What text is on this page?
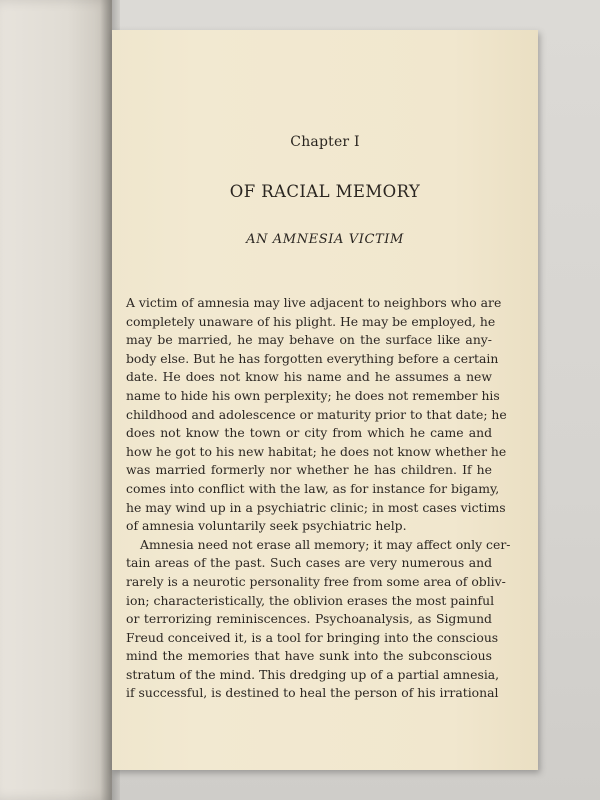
Chapter I
OF RACIAL MEMORY
AN AMNESIA VICTIM
A victim of amnesia may live adjacent to neighbors who are
completely unaware of his plight. He may be employed, he
may be married, he may behave on the surface like any-
body else. But he has forgotten everything before a certain
date. He does not know his name and he assumes a new
name to hide his own perplexity; he does not remember his
childhood and adolescence or maturity prior to that date; he
does not know the town or city from which he came and
how he got to his new habitat; he does not know whether he
was married formerly nor whether he has children. If he
comes into conflict with the law, as for instance for bigamy,
he may wind up in a psychiatric clinic; in most cases victims
of amnesia voluntarily seek psychiatric help.
Amnesia need not erase all memory; it may affect only cer-
tain areas of the past. Such cases are very numerous and
rarely is a neurotic personality free from some area of obliv-
ion; characteristically, the oblivion erases the most painful
or terrorizing reminiscences. Psychoanalysis, as Sigmund
Freud conceived it, is a tool for bringing into the conscious
mind the memories that have sunk into the subconscious
stratum of the mind. This dredging up of a partial amnesia,
if successful, is destined to heal the person of his irrational
